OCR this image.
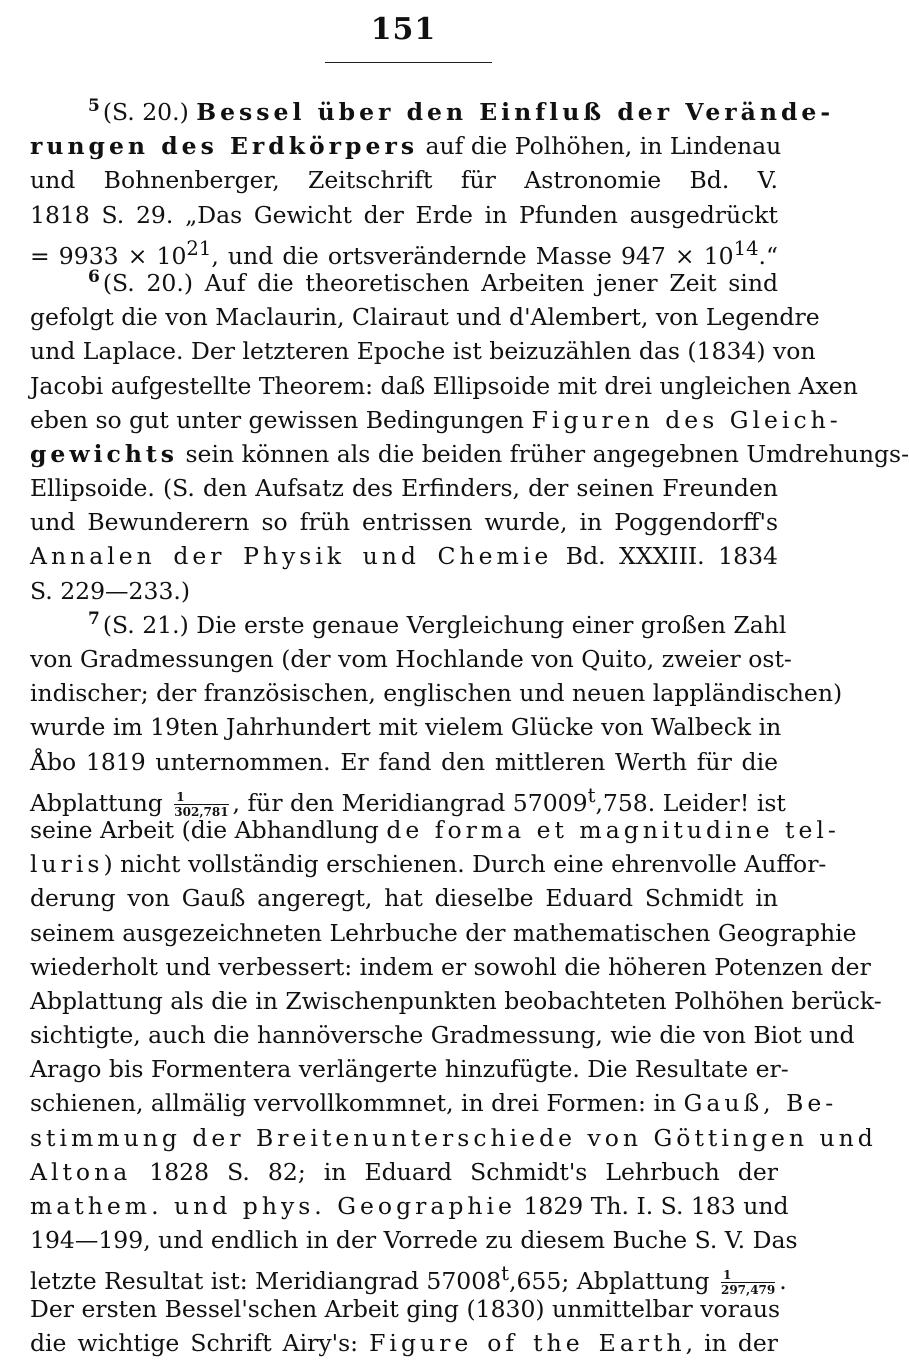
151
$^5$ (S. 20.) Bessel über den Einfluß der Verände-
rungen des Erdkörpers auf die Polhöhen, in Lindenau
und Bohnenberger, Zeitschrift für Astronomie Bd. V.
1818 S. 29. „Das Gewicht der Erde in Pfunden ausgedrückt
= $9933 \times 10^{21}$, und die ortsverändernde Masse $947 \times 10^{14}.“$
$^6$ (S. 20.) Auf die theoretischen Arbeiten jener Zeit sind
gefolgt die von Maclaurin, Clairaut und d'Alembert, von Legendre
und Laplace. Der letzteren Epoche ist beizuzählen das (1834) von
Jacobi aufgestellte Theorem: daß Ellipsoide mit drei ungleichen Axen
eben so gut unter gewissen Bedingungen Figuren des Gleich-
gewichts sein können als die beiden früher angegebnen Umdrehungs-
Ellipsoide. (S. den Aufsatz des Erfinders, der seinen Freunden
und Bewunderern so früh entrissen wurde, in Poggendorff's
Annalen der Physik und Chemie Bd. XXXIII. 1834
S. 229—233.)
$^7$ (S. 21.) Die erste genaue Vergleichung einer großen Zahl
von Gradmessungen (der vom Hochlande von Quito, zweier ost-
indischer; der französischen, englischen und neuen lappländischen)
wurde im 19ten Jahrhundert mit vielem Glücke von Walbeck in
Åbo 1819 unternommen. Er fand den mittleren Werth für die
Abplattung $\frac{1}{302,781}$ , für den Meridiangrad 57009$^t$,758. Leider! ist
seine Arbeit (die Abhandlung de forma et magnitudine tel-
luris) nicht vollständig erschienen. Durch eine ehrenvolle Auffor-
derung von Gauß angeregt, hat dieselbe Eduard Schmidt in
seinem ausgezeichneten Lehrbuche der mathematischen Geographie
wiederholt und verbessert: indem er sowohl die höheren Potenzen der
Abplattung als die in Zwischenpunkten beobachteten Polhöhen berück-
sichtigte, auch die hannöversche Gradmessung, wie die von Biot und
Arago bis Formentera verlängerte hinzufügte. Die Resultate er-
schienen, allmälig vervollkommnet, in drei Formen: in Gauß, Be-
stimmung der Breitenunterschiede von Göttingen und
Altona 1828 S. 82; in Eduard Schmidt's Lehrbuch der
mathem. und phys. Geographie 1829 Th. I. S. 183 und
194—199, und endlich in der Vorrede zu diesem Buche S. V. Das
letzte Resultat ist: Meridiangrad 57008$^t$,655; Abplattung $\frac{1}{297,479}$ .
Der ersten Bessel'schen Arbeit ging (1830) unmittelbar voraus
die wichtige Schrift Airy's: Figure of the Earth, in der
